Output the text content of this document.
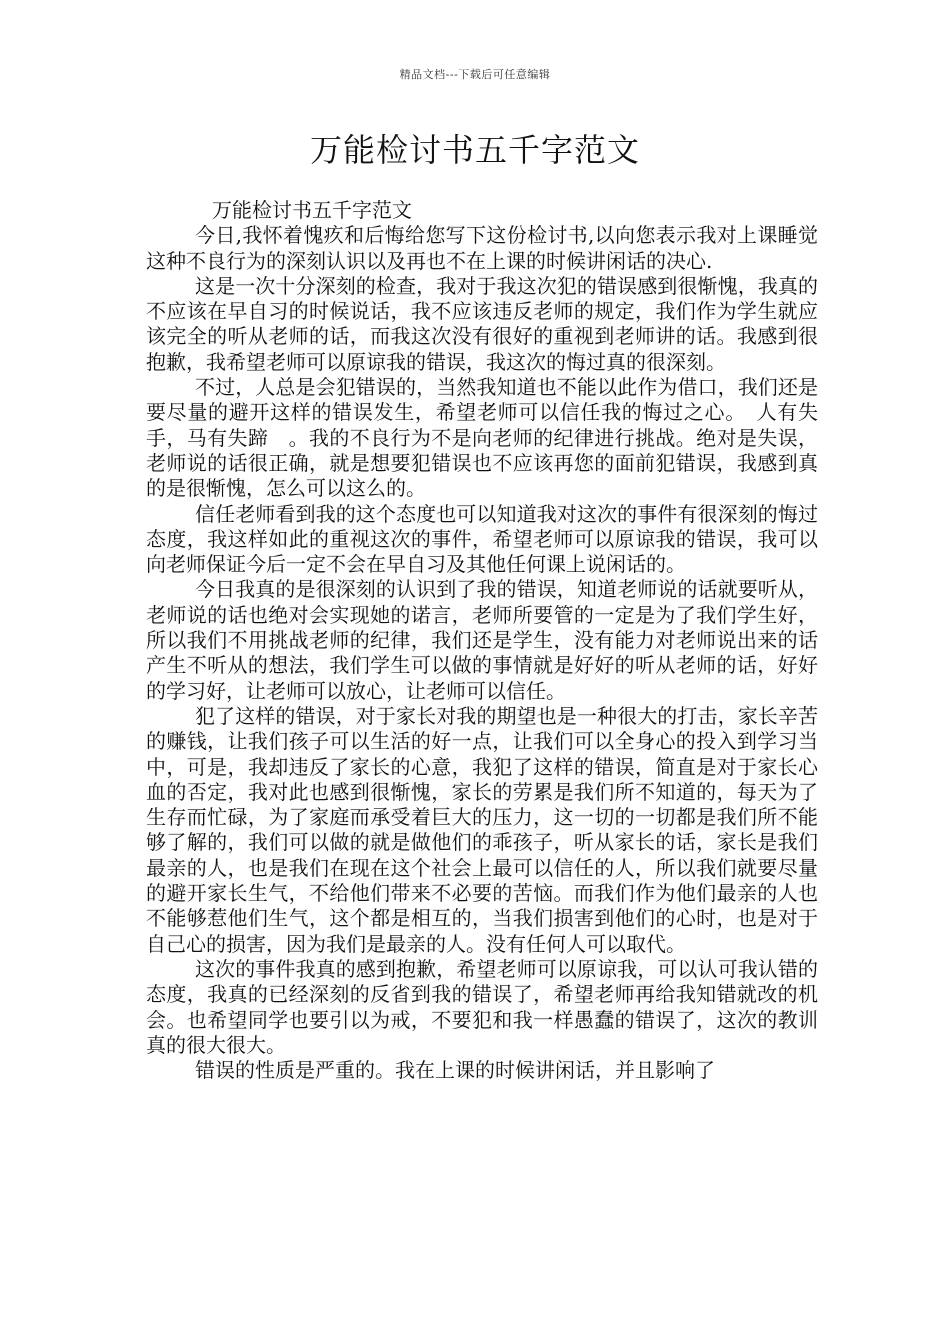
精品文档---下载后可任意编辑
万能检讨书五千字范文

万能检讨书五千字范文

今日,我怀着愧疚和后悔给您写下这份检讨书,以向您表示我对上课睡觉这种不良行为的深刻认识以及再也不在上课的时候讲闲话的决心.

这是一次十分深刻的检查，我对于我这次犯的错误感到很惭愧，我真的不应该在早自习的时候说话，我不应该违反老师的规定，我们作为学生就应该完全的听从老师的话，而我这次没有很好的重视到老师讲的话。我感到很抱歉，我希望老师可以原谅我的错误，我这次的悔过真的很深刻。

不过，人总是会犯错误的，当然我知道也不能以此作为借口，我们还是要尽量的避开这样的错误发生，希望老师可以信任我的悔过之心。　人有失手，马有失蹄　。我的不良行为不是向老师的纪律进行挑战。绝对是失误，老师说的话很正确，就是想要犯错误也不应该再您的面前犯错误，我感到真的是很惭愧，怎么可以这么的。

信任老师看到我的这个态度也可以知道我对这次的事件有很深刻的悔过态度，我这样如此的重视这次的事件，希望老师可以原谅我的错误，我可以向老师保证今后一定不会在早自习及其他任何课上说闲话的。

今日我真的是很深刻的认识到了我的错误，知道老师说的话就要听从，老师说的话也绝对会实现她的诺言，老师所要管的一定是为了我们学生好，所以我们不用挑战老师的纪律，我们还是学生，没有能力对老师说出来的话产生不听从的想法，我们学生可以做的事情就是好好的听从老师的话，好好的学习好，让老师可以放心，让老师可以信任。

犯了这样的错误，对于家长对我的期望也是一种很大的打击，家长辛苦的赚钱，让我们孩子可以生活的好一点，让我们可以全身心的投入到学习当中，可是，我却违反了家长的心意，我犯了这样的错误，简直是对于家长心血的否定，我对此也感到很惭愧，家长的劳累是我们所不知道的，每天为了生存而忙碌，为了家庭而承受着巨大的压力，这一切的一切都是我们所不能够了解的，我们可以做的就是做他们的乖孩子，听从家长的话，家长是我们最亲的人，也是我们在现在这个社会上最可以信任的人，所以我们就要尽量的避开家长生气，不给他们带来不必要的苦恼。而我们作为他们最亲的人也不能够惹他们生气，这个都是相互的，当我们损害到他们的心时，也是对于自己心的损害，因为我们是最亲的人。没有任何人可以取代。

这次的事件我真的感到抱歉，希望老师可以原谅我，可以认可我认错的态度，我真的已经深刻的反省到我的错误了，希望老师再给我知错就改的机会。也希望同学也要引以为戒，不要犯和我一样愚蠢的错误了，这次的教训真的很大很大。

错误的性质是严重的。我在上课的时候讲闲话，并且影响了
